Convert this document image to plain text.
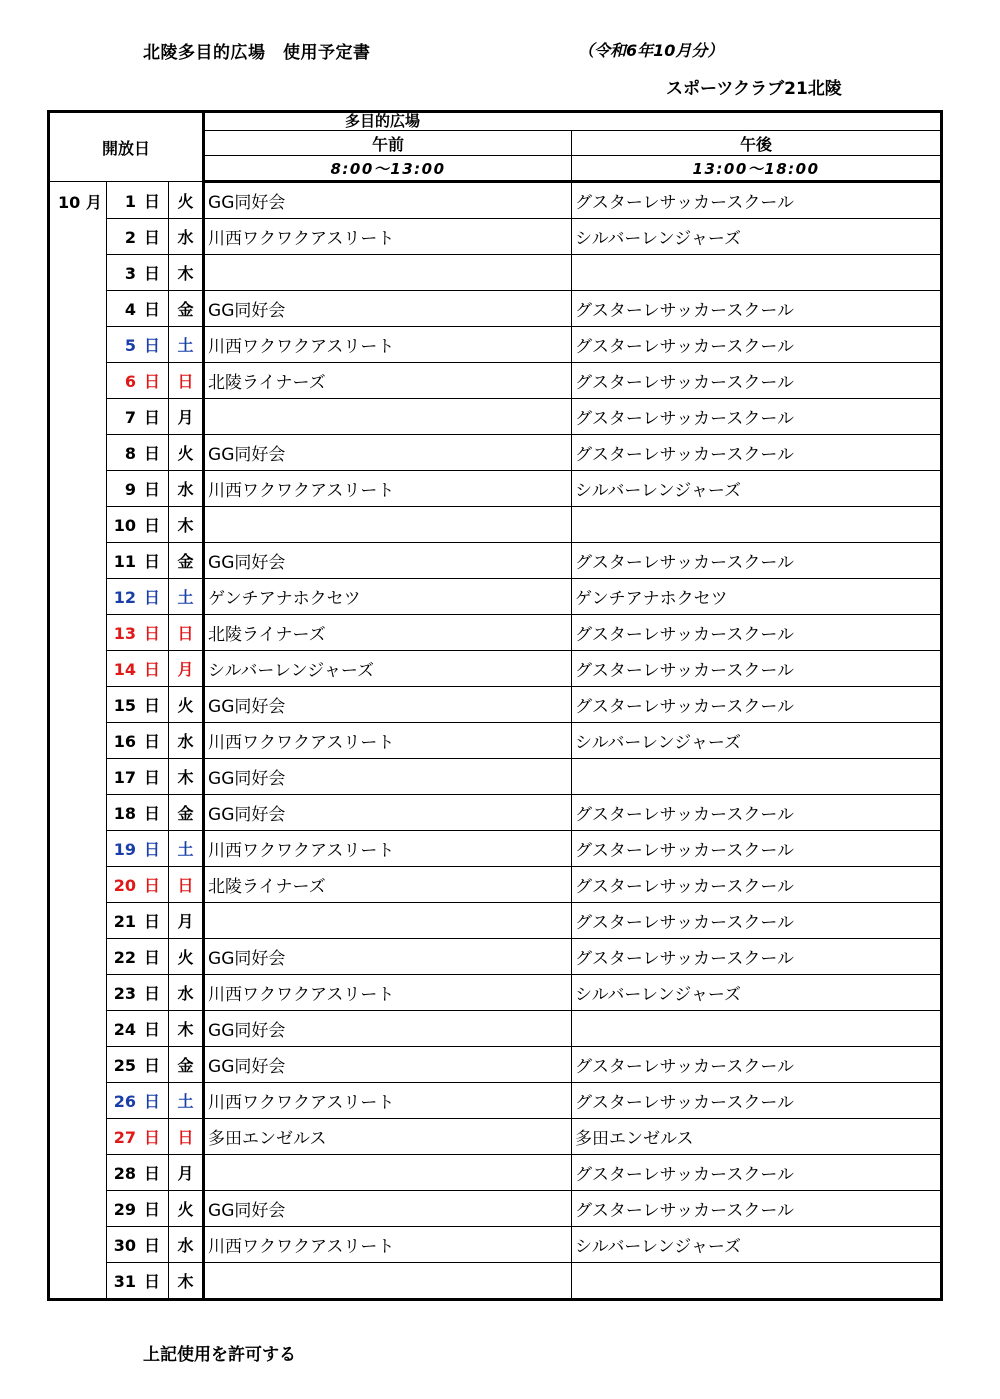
北陵多目的広場　使用予定書	（令和6年10月分）
スポーツクラブ21北陵
開放日			多目的広場	
			午前	午後
			8:00～13:00	13:00～18:00
10 月	1 日	火	GG同好会	グスターレサッカースクール
	2 日	水	川西ワクワクアスリート	シルバーレンジャーズ
	3 日	木		
	4 日	金	GG同好会	グスターレサッカースクール
	5 日	土	川西ワクワクアスリート	グスターレサッカースクール
	6 日	日	北陵ライナーズ	グスターレサッカースクール
	7 日	月		グスターレサッカースクール
	8 日	火	GG同好会	グスターレサッカースクール
	9 日	水	川西ワクワクアスリート	シルバーレンジャーズ
	10 日	木		
	11 日	金	GG同好会	グスターレサッカースクール
	12 日	土	ゲンチアナホクセツ	ゲンチアナホクセツ
	13 日	日	北陵ライナーズ	グスターレサッカースクール
	14 日	月	シルバーレンジャーズ	グスターレサッカースクール
	15 日	火	GG同好会	グスターレサッカースクール
	16 日	水	川西ワクワクアスリート	シルバーレンジャーズ
	17 日	木	GG同好会	
	18 日	金	GG同好会	グスターレサッカースクール
	19 日	土	川西ワクワクアスリート	グスターレサッカースクール
	20 日	日	北陵ライナーズ	グスターレサッカースクール
	21 日	月		グスターレサッカースクール
	22 日	火	GG同好会	グスターレサッカースクール
	23 日	水	川西ワクワクアスリート	シルバーレンジャーズ
	24 日	木	GG同好会	
	25 日	金	GG同好会	グスターレサッカースクール
	26 日	土	川西ワクワクアスリート	グスターレサッカースクール
	27 日	日	多田エンゼルス	多田エンゼルス
	28 日	月		グスターレサッカースクール
	29 日	火	GG同好会	グスターレサッカースクール
	30 日	水	川西ワクワクアスリート	シルバーレンジャーズ
	31 日	木		
上記使用を許可する
